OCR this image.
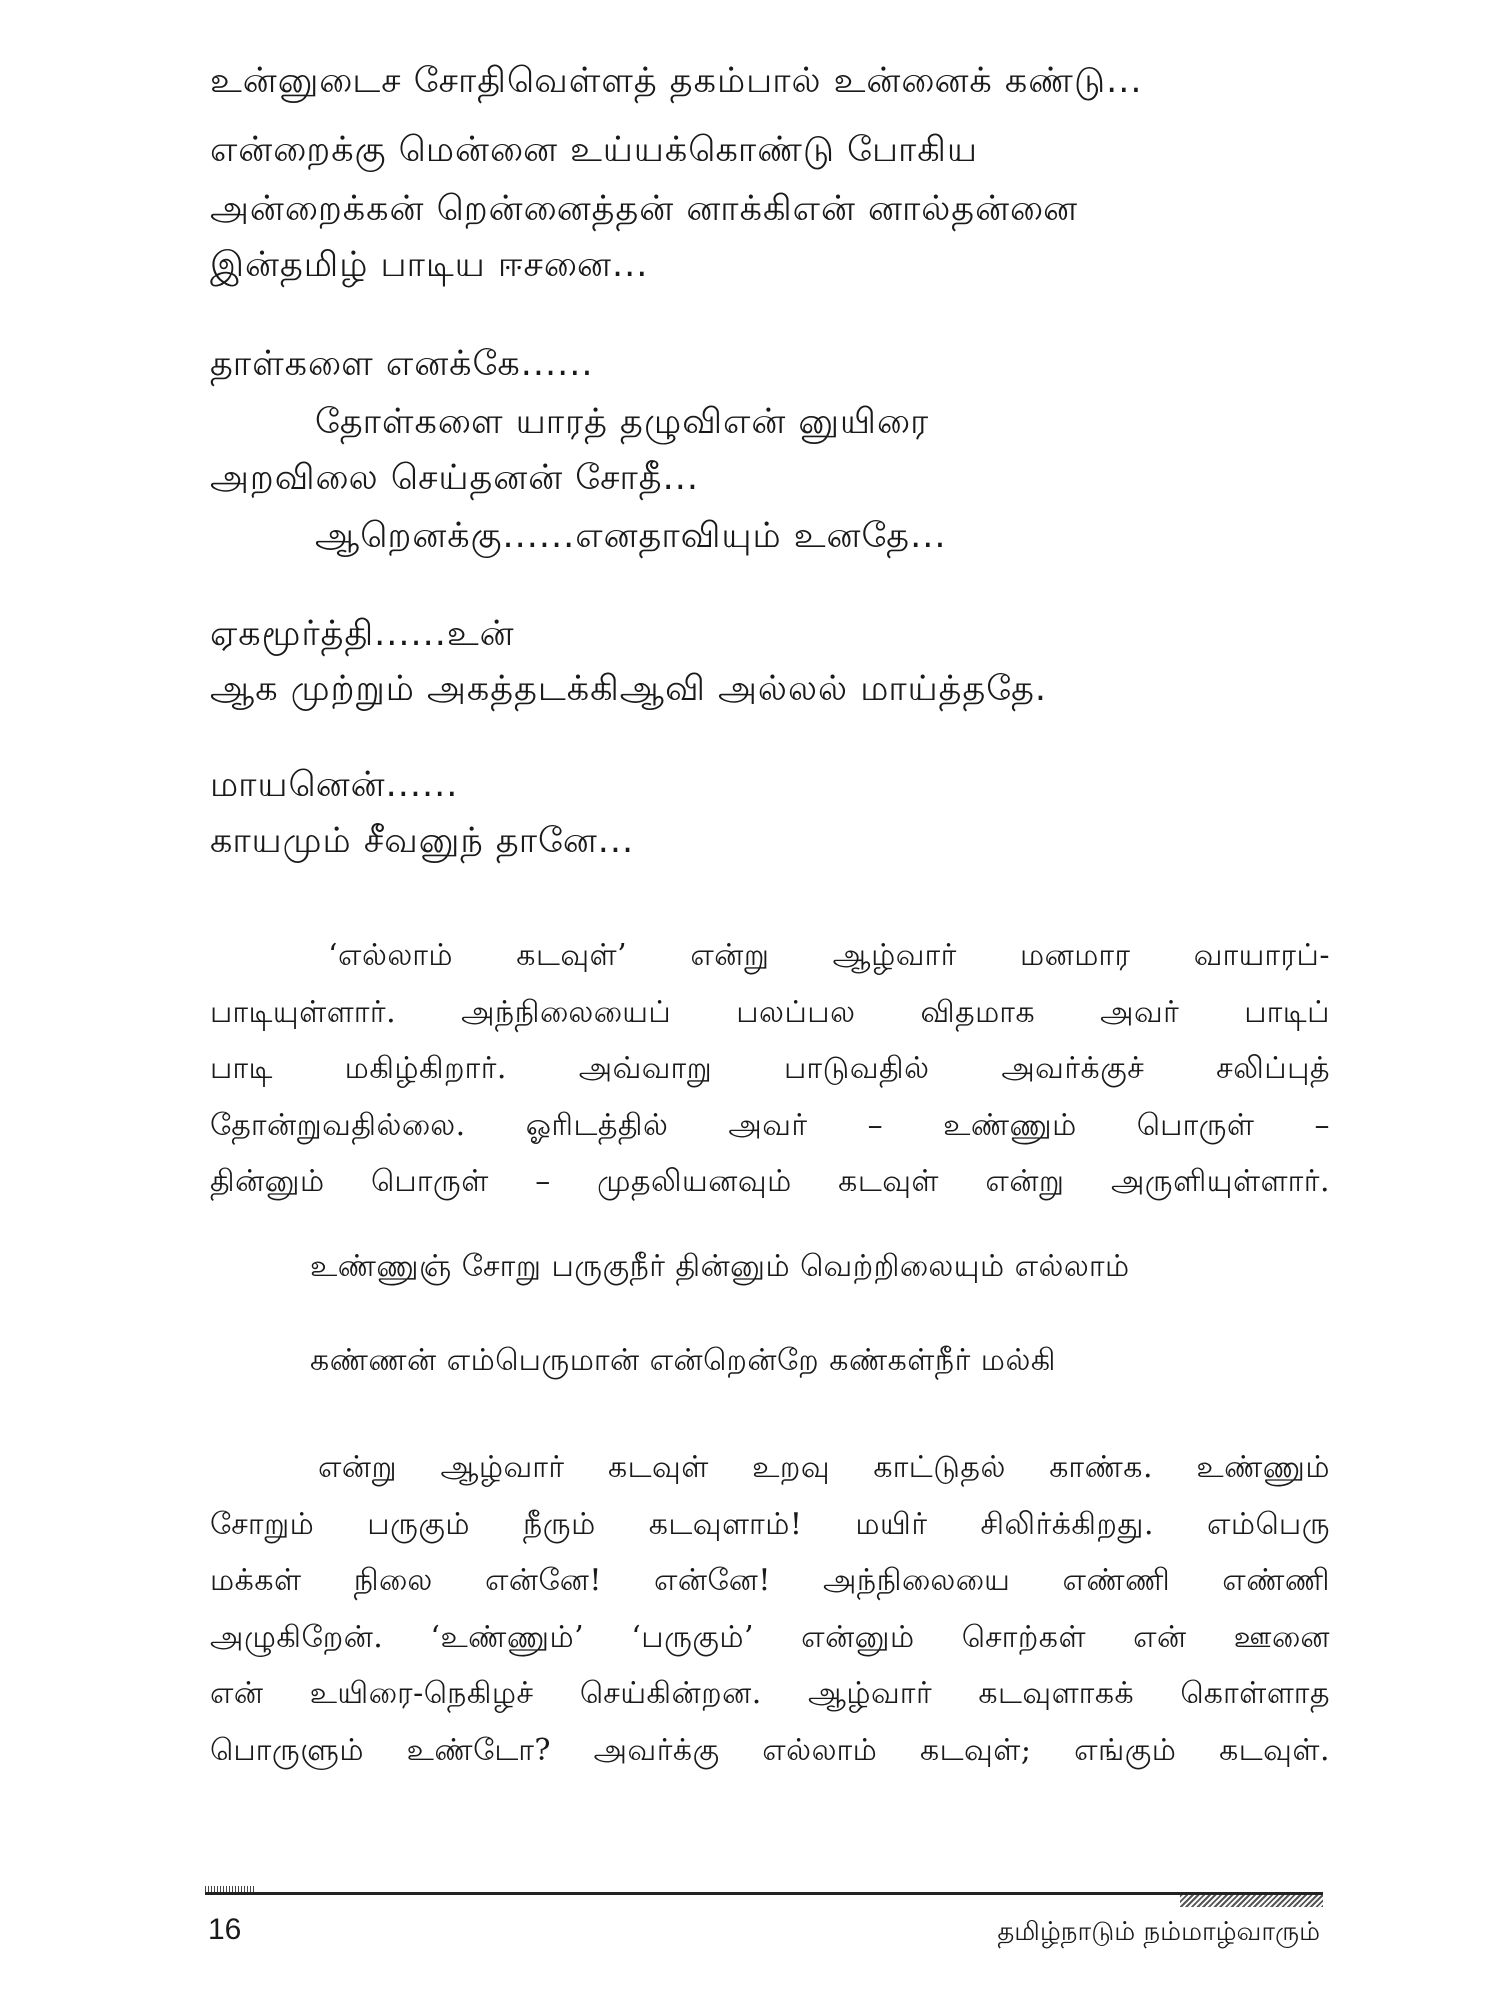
உன்னுடைச சோதிவெள்ளத் தகம்பால் உன்னைக் கண்டு...
என்றைக்கு மென்னை உய்யக்கொண்டு போகிய
அன்றைக்கன் றென்னைத்தன் னாக்கிஎன் னால்தன்னை
இன்தமிழ் பாடிய ஈசனை...
தாள்களை எனக்கே......
தோள்களை யாரத் தழுவிஎன் னுயிரை
அறவிலை செய்தனன் சோதீ...
ஆறெனக்கு......எனதாவியும் உனதே...
ஏகமூர்த்தி......உன்
ஆக முற்றும் அகத்தடக்கிஆவி அல்லல் மாய்த்ததே.
மாயனென்......
காயமும் சீவனுந் தானே...
‘எல்லாம் கடவுள்’ என்று ஆழ்வார் மனமார வாயாரப்-
பாடியுள்ளார். அந்நிலையைப் பலப்பல விதமாக அவர் பாடிப்
பாடி மகிழ்கிறார். அவ்வாறு பாடுவதில் அவர்க்குச் சலிப்புத்
தோன்றுவதில்லை. ஓரிடத்தில் அவர் – உண்ணும் பொருள் –
தின்னும் பொருள் – முதலியனவும் கடவுள் என்று அருளியுள்ளார்.
உண்ணுஞ் சோறு பருகுநீர் தின்னும் வெற்றிலையும் எல்லாம்
கண்ணன் எம்பெருமான் என்றென்றே கண்கள்நீர் மல்கி
என்று ஆழ்வார் கடவுள் உறவு காட்டுதல் காண்க. உண்ணும்
சோறும் பருகும் நீரும் கடவுளாம்! மயிர் சிலிர்க்கிறது. எம்பெரு
மக்கள் நிலை என்னே! என்னே! அந்நிலையை எண்ணி எண்ணி
அழுகிறேன். ‘உண்ணும்’ ‘பருகும்’ என்னும் சொற்கள் என் ஊனை
என் உயிரை-நெகிழச் செய்கின்றன. ஆழ்வார் கடவுளாகக் கொள்ளாத
பொருளும் உண்டோ? அவர்க்கு எல்லாம் கடவுள்; எங்கும் கடவுள்.
16	தமிழ்நாடும் நம்மாழ்வாரும்
